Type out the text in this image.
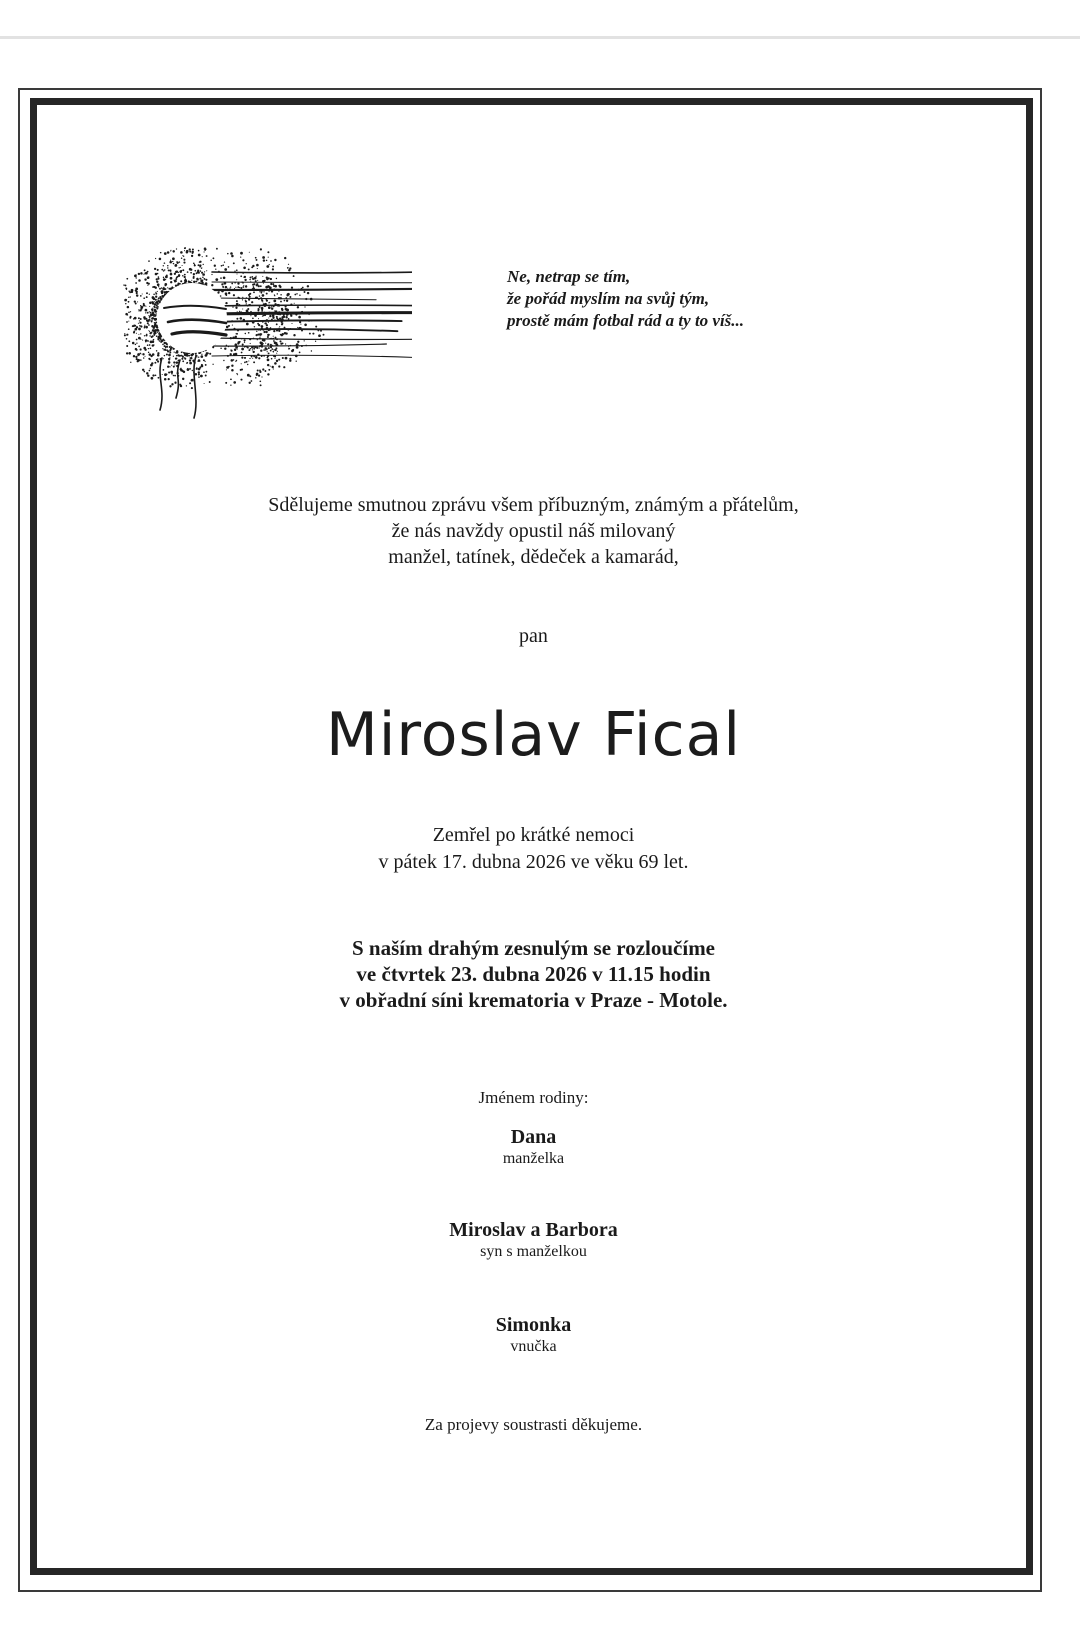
Ne, netrap se tím,
že pořád myslím na svůj tým,
prostě mám fotbal rád a ty to víš...
Sdělujeme smutnou zprávu všem příbuzným, známým a přátelům,
že nás navždy opustil náš milovaný
manžel, tatínek, dědeček a kamarád,
pan
Miroslav Fical
Zemřel po krátké nemoci
v pátek 17. dubna 2026 ve věku 69 let.
S naším drahým zesnulým se rozloučíme
ve čtvrtek 23. dubna 2026 v 11.15 hodin
v obřadní síni krematoria v Praze - Motole.
Jménem rodiny:
Dana
manželka
Miroslav a Barbora
syn s manželkou
Simonka
vnučka
Za projevy soustrasti děkujeme.
